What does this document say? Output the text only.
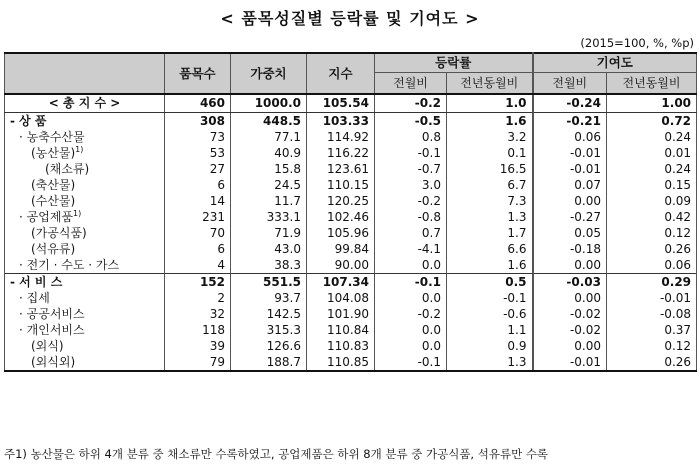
< 품목성질별 등락률 및 기여도 >
(2015=100, %, %p)
	품목수	가중치	지수	등락률		기여도	
				전월비	전년동월비	전월비	전년동월비
< 총 지 수 >	460	1000.0	105.54	-0.2	1.0	-0.24	1.00
- 상 품	308	448.5	103.33	-0.5	1.6	-0.21	0.72
· 농축수산물	73	77.1	114.92	0.8	3.2	0.06	0.24
(농산물)$^{1)}$	53	40.9	116.22	-0.1	0.1	-0.01	0.01
(채소류)	27	15.8	123.61	-0.7	16.5	-0.01	0.24
(축산물)	6	24.5	110.15	3.0	6.7	0.07	0.15
(수산물)	14	11.7	120.25	-0.2	7.3	0.00	0.09
· 공업제품$^{1)}$	231	333.1	102.46	-0.8	1.3	-0.27	0.42
(가공식품)	70	71.9	105.96	0.7	1.7	0.05	0.12
(석유류)	6	43.0	99.84	-4.1	6.6	-0.18	0.26
· 전기 · 수도 · 가스	4	38.3	90.00	0.0	1.6	0.00	0.06
- 서 비 스	152	551.5	107.34	-0.1	0.5	-0.03	0.29
· 집세	2	93.7	104.08	0.0	-0.1	0.00	-0.01
· 공공서비스	32	142.5	101.90	-0.2	-0.6	-0.02	-0.08
· 개인서비스	118	315.3	110.84	0.0	1.1	-0.02	0.37
(외식)	39	126.6	110.83	0.0	0.9	0.00	0.12
(외식외)	79	188.7	110.85	-0.1	1.3	-0.01	0.26
주1) 농산물은 하위 4개 분류 중 채소류만 수록하였고, 공업제품은 하위 8개 분류 중 가공식품, 석유류만 수록
